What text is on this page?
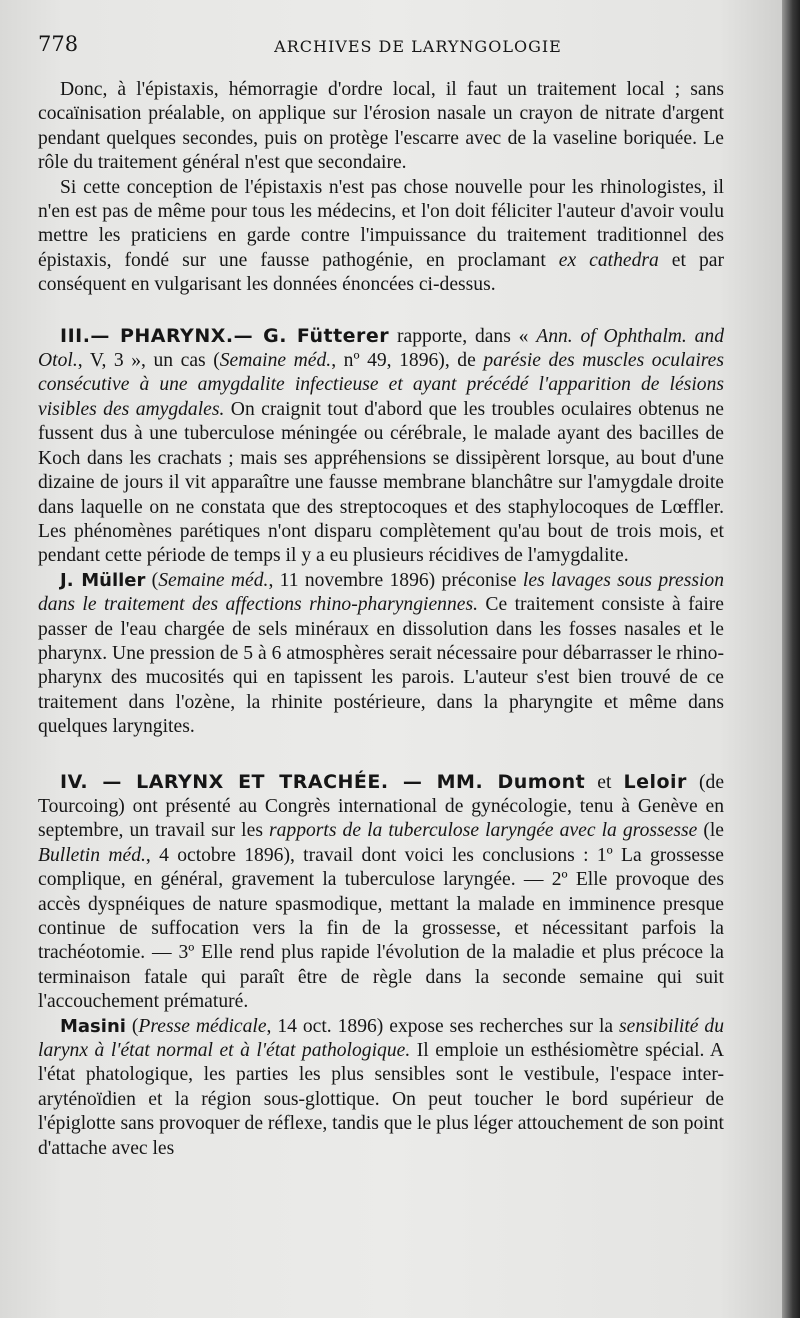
778	ARCHIVES DE LARYNGOLOGIE

Donc, à l'épistaxis, hémorragie d'ordre local, il faut un traitement local ; sans cocaïnisation préalable, on applique sur l'érosion nasale un crayon de nitrate d'argent pendant quelques secondes, puis on protège l'escarre avec de la vaseline boriquée. Le rôle du traitement général n'est que secondaire.

Si cette conception de l'épistaxis n'est pas chose nouvelle pour les rhinologistes, il n'en est pas de même pour tous les médecins, et l'on doit féliciter l'auteur d'avoir voulu mettre les praticiens en garde contre l'impuissance du traitement traditionnel des épistaxis, fondé sur une fausse pathogénie, en proclamant ex cathedra et par conséquent en vulgarisant les données énoncées ci-dessus.

III.— PHARYNX.— G. Fütterer rapporte, dans « Ann. of Ophthalm. and Otol., V, 3 », un cas (Semaine méd., nº 49, 1896), de parésie des muscles oculaires consécutive à une amygdalite infectieuse et ayant précédé l'apparition de lésions visibles des amygdales. On craignit tout d'abord que les troubles oculaires obtenus ne fussent dus à une tuberculose méningée ou cérébrale, le malade ayant des bacilles de Koch dans les crachats ; mais ses appréhensions se dissipèrent lorsque, au bout d'une dizaine de jours il vit apparaître une fausse membrane blanchâtre sur l'amygdale droite dans laquelle on ne constata que des streptocoques et des staphylocoques de Lœffler. Les phénomènes parétiques n'ont disparu complètement qu'au bout de trois mois, et pendant cette période de temps il y a eu plusieurs récidives de l'amygdalite.

J. Müller (Semaine méd., 11 novembre 1896) préconise les lavages sous pression dans le traitement des affections rhino-pharyngiennes. Ce traitement consiste à faire passer de l'eau chargée de sels minéraux en dissolution dans les fosses nasales et le pharynx. Une pression de 5 à 6 atmosphères serait nécessaire pour débarrasser le rhino-pharynx des mucosités qui en tapissent les parois. L'auteur s'est bien trouvé de ce traitement dans l'ozène, la rhinite postérieure, dans la pharyngite et même dans quelques laryngites.

IV. — LARYNX ET TRACHÉE. — MM. Dumont et Leloir (de Tourcoing) ont présenté au Congrès international de gynécologie, tenu à Genève en septembre, un travail sur les rapports de la tuberculose laryngée avec la grossesse (le Bulletin méd., 4 octobre 1896), travail dont voici les conclusions : 1º La grossesse complique, en général, gravement la tuberculose laryngée. — 2º Elle provoque des accès dyspnéiques de nature spasmodique, mettant la malade en imminence presque continue de suffocation vers la fin de la grossesse, et nécessitant parfois la trachéotomie. — 3º Elle rend plus rapide l'évolution de la maladie et plus précoce la terminaison fatale qui paraît être de règle dans la seconde semaine qui suit l'accouchement prématuré.

Masini (Presse médicale, 14 oct. 1896) expose ses recherches sur la sensibilité du larynx à l'état normal et à l'état pathologique. Il emploie un esthésiomètre spécial. A l'état phatologique, les parties les plus sensibles sont le vestibule, l'espace inter-aryténoïdien et la région sous-glottique. On peut toucher le bord supérieur de l'épiglotte sans provoquer de réflexe, tandis que le plus léger attouchement de son point d'attache avec les
